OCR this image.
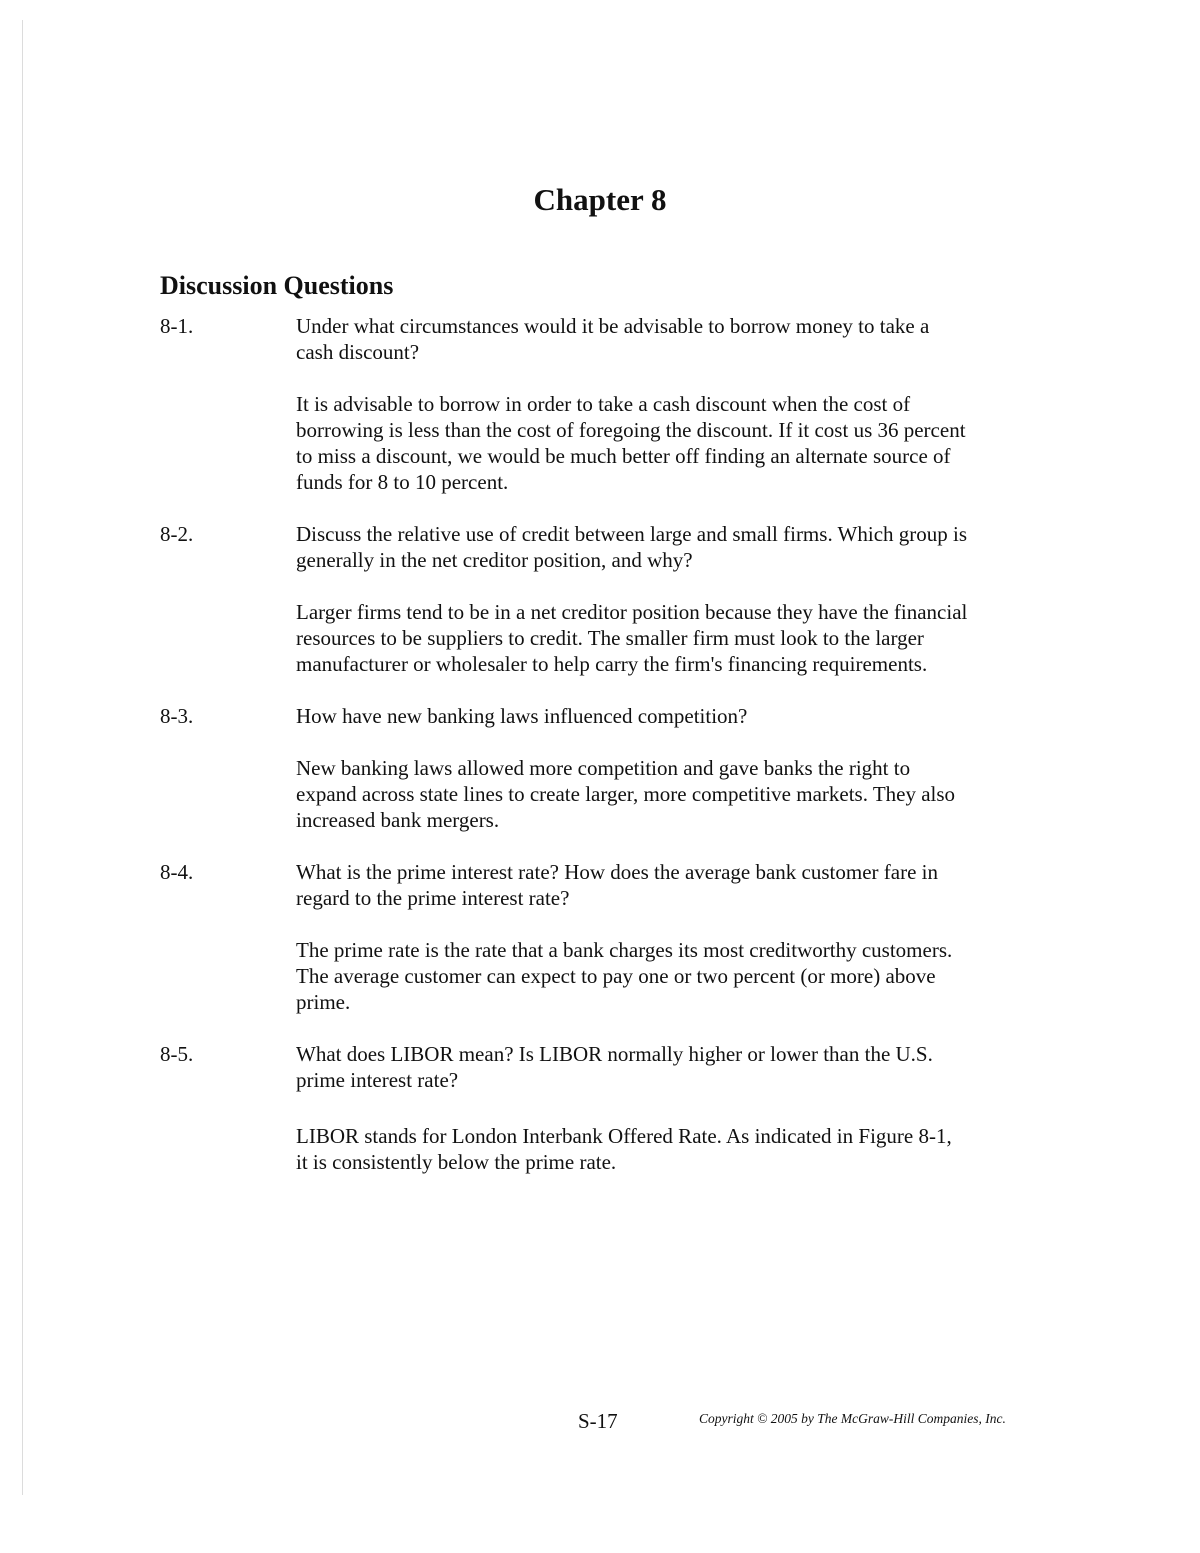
Chapter 8
Discussion Questions
8-1.	Under what circumstances would it be advisable to borrow money to take a
cash discount?
It is advisable to borrow in order to take a cash discount when the cost of
borrowing is less than the cost of foregoing the discount. If it cost us 36 percent
to miss a discount, we would be much better off finding an alternate source of
funds for 8 to 10 percent.
8-2.	Discuss the relative use of credit between large and small firms. Which group is
generally in the net creditor position, and why?
Larger firms tend to be in a net creditor position because they have the financial
resources to be suppliers to credit. The smaller firm must look to the larger
manufacturer or wholesaler to help carry the firm's financing requirements.
8-3.	How have new banking laws influenced competition?
New banking laws allowed more competition and gave banks the right to
expand across state lines to create larger, more competitive markets. They also
increased bank mergers.
8-4.	What is the prime interest rate? How does the average bank customer fare in
regard to the prime interest rate?
The prime rate is the rate that a bank charges its most creditworthy customers.
The average customer can expect to pay one or two percent (or more) above
prime.
8-5.	What does LIBOR mean? Is LIBOR normally higher or lower than the U.S.
prime interest rate?
LIBOR stands for London Interbank Offered Rate. As indicated in Figure 8-1,
it is consistently below the prime rate.
S-17	Copyright © 2005 by The McGraw-Hill Companies, Inc.
